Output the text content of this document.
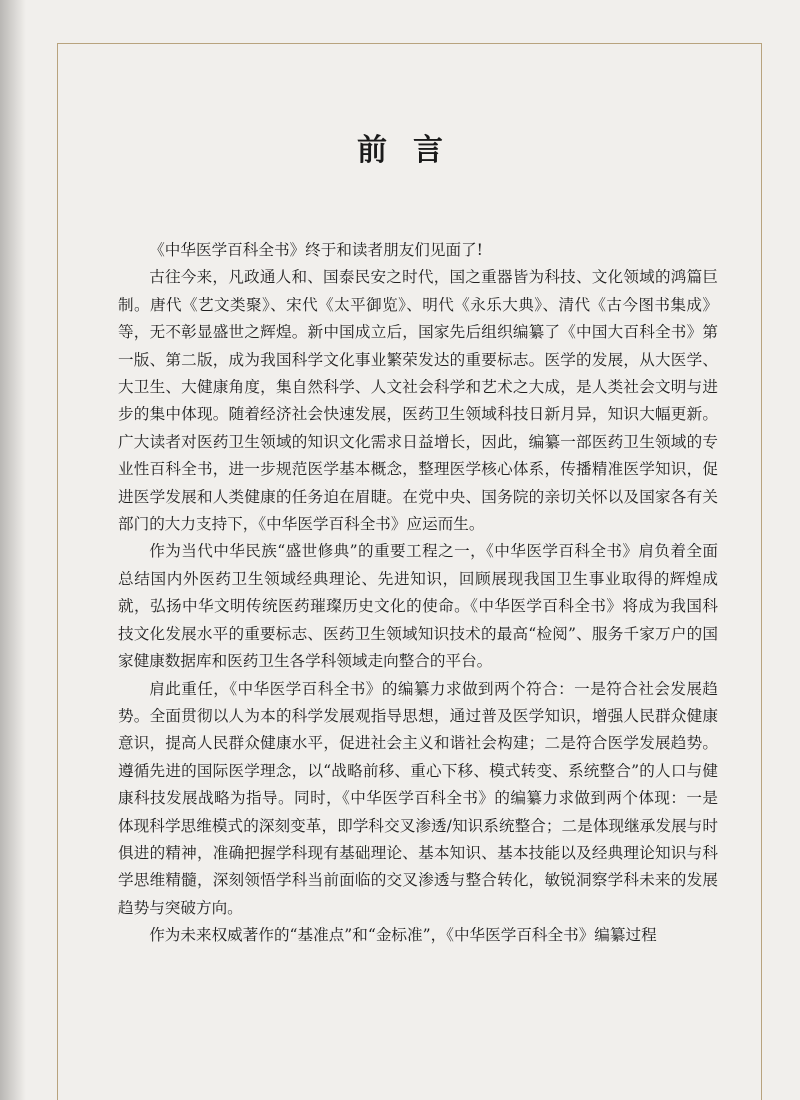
前言

《中华医学百科全书》终于和读者朋友们见面了!

古往今来，凡政通人和、国泰民安之时代，国之重器皆为科技、文化领域的鸿篇巨制。唐代《艺文类聚》、宋代《太平御览》、明代《永乐大典》、清代《古今图书集成》等，无不彰显盛世之辉煌。新中国成立后，国家先后组织编纂了《中国大百科全书》第一版、第二版，成为我国科学文化事业繁荣发达的重要标志。医学的发展，从大医学、大卫生、大健康角度，集自然科学、人文社会科学和艺术之大成，是人类社会文明与进步的集中体现。随着经济社会快速发展，医药卫生领域科技日新月异，知识大幅更新。广大读者对医药卫生领域的知识文化需求日益增长，因此，编纂一部医药卫生领域的专业性百科全书，进一步规范医学基本概念，整理医学核心体系，传播精准医学知识，促进医学发展和人类健康的任务迫在眉睫。在党中央、国务院的亲切关怀以及国家各有关部门的大力支持下，《中华医学百科全书》应运而生。

作为当代中华民族“盛世修典”的重要工程之一，《中华医学百科全书》肩负着全面总结国内外医药卫生领域经典理论、先进知识，回顾展现我国卫生事业取得的辉煌成就，弘扬中华文明传统医药璀璨历史文化的使命。《中华医学百科全书》将成为我国科技文化发展水平的重要标志、医药卫生领域知识技术的最高“检阅”、服务千家万户的国家健康数据库和医药卫生各学科领域走向整合的平台。

肩此重任，《中华医学百科全书》的编纂力求做到两个符合：一是符合社会发展趋势。全面贯彻以人为本的科学发展观指导思想，通过普及医学知识，增强人民群众健康意识，提高人民群众健康水平，促进社会主义和谐社会构建；二是符合医学发展趋势。遵循先进的国际医学理念，以“战略前移、重心下移、模式转变、系统整合”的人口与健康科技发展战略为指导。同时，《中华医学百科全书》的编纂力求做到两个体现：一是体现科学思维模式的深刻变革，即学科交叉渗透/知识系统整合；二是体现继承发展与时俱进的精神，准确把握学科现有基础理论、基本知识、基本技能以及经典理论知识与科学思维精髓，深刻领悟学科当前面临的交叉渗透与整合转化，敏锐洞察学科未来的发展趋势与突破方向。

作为未来权威著作的“基准点”和“金标准”，《中华医学百科全书》编纂过程
